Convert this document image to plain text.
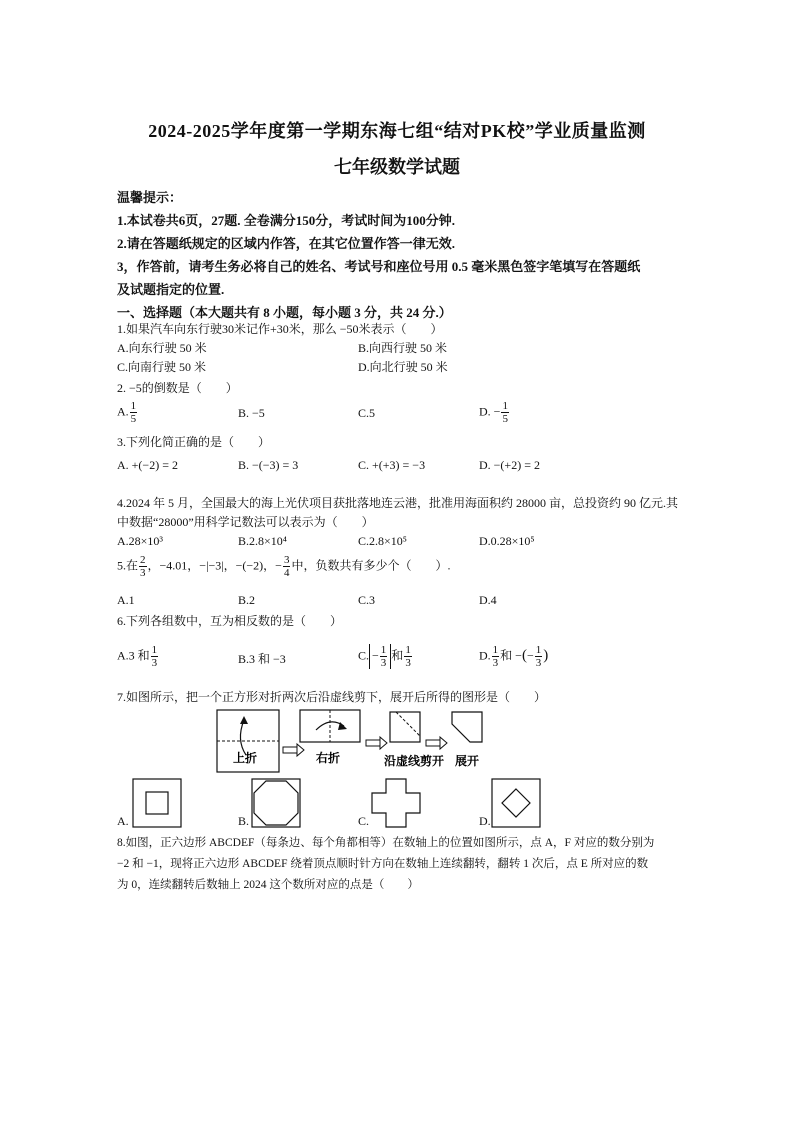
2024-2025学年度第一学期东海七组“结对PK校”学业质量监测
七年级数学试题
温馨提示：
1.本试卷共6页，27题. 全卷满分150分，考试时间为100分钟.
2.请在答题纸规定的区域内作答，在其它位置作答一律无效.
3，作答前，请考生务必将自己的姓名、考试号和座位号用 0.5 毫米黑色签字笔填写在答题纸
及试题指定的位置.
一、选择题（本大题共有 8 小题，每小题 3 分，共 24 分.）
1.如果汽车向东行驶30米记作+30米，那么 −50米表示（　　）
A.向东行驶 50 米	B.向西行驶 50 米
C.向南行驶 50 米	D.向北行驶 50 米
2. −5的倒数是（　　）
A. $\frac{1}{5}$	B. −5	C.5	D. − $\frac{1}{5}$
3.下列化简正确的是（　　）
A. +(−2) = 2	B. −(−3) = 3	C. +(+3) = −3	D. −(+2) = 2
4.2024 年 5 月，全国最大的海上光伏项目获批落地连云港，批准用海面积约 28000 亩，总投资约 90 亿元.其
中数据“28000”用科学记数法可以表示为（　　）
A.28×10³	B.2.8×10⁴	C.2.8×10⁵	D.0.28×10⁵
5.在 $\frac{2}{3}$ ，−4.01，−|−3|，−(−2)，− $\frac{3}{4}$ 中，负数共有多少个（　　）.
A.1	B.2	C.3	D.4
6.下列各组数中，互为相反数的是（　　）
A.3 和 $\frac{1}{3}$	B.3 和 −3	C. − $\frac{1}{3}$ 和 $\frac{1}{3}$	D. $\frac{1}{3}$ 和 −(− $\frac{1}{3}$ )
7.如图所示，把一个正方形对折两次后沿虚线剪下，展开后所得的图形是（　　）
上折	右折	沿虚线剪开 展开
A.	B.	C.	D.
8.如图，正六边形 ABCDEF（每条边、每个角都相等）在数轴上的位置如图所示，点 A，F 对应的数分别为
−2 和 −1，现将正六边形 ABCDEF 绕着顶点顺时针方向在数轴上连续翻转，翻转 1 次后，点 E 所对应的数
为 0，连续翻转后数轴上 2024 这个数所对应的点是（　　）
